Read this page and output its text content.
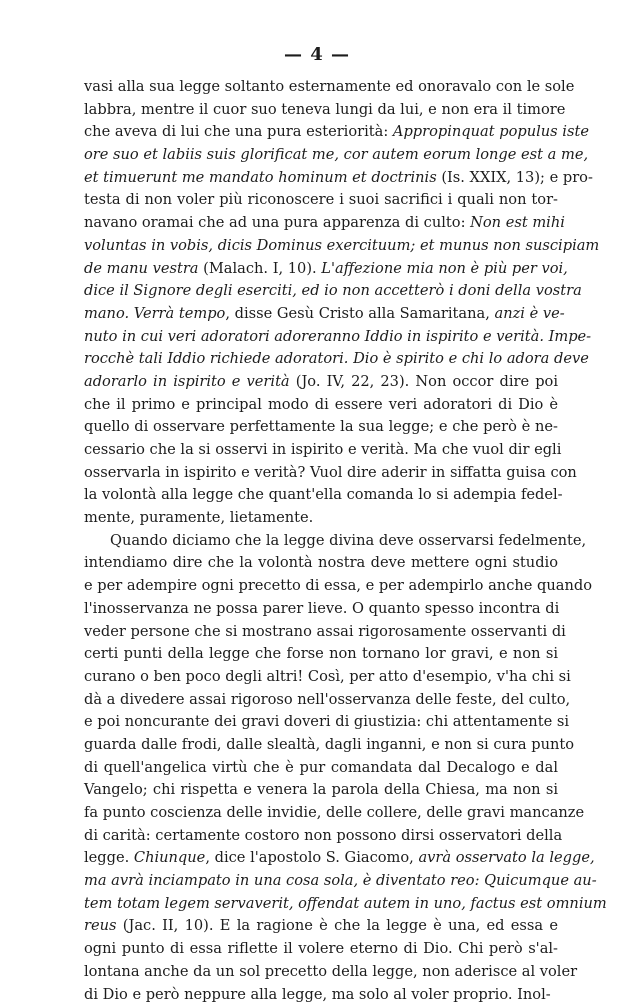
— 4 —
vasi alla sua legge soltanto esternamente ed onoravalo con le sole
labbra, mentre il cuor suo teneva lungi da lui, e non era il timore
che aveva di lui che una pura esteriorità: Appropinquat populus iste
ore suo et labiis suis glorificat me, cor autem eorum longe est a me,
et timuerunt me mandato hominum et doctrinis (Is. XXIX, 13); e pro-
testa di non voler più riconoscere i suoi sacrifici i quali non tor-
navano oramai che ad una pura apparenza di culto: Non est mihi
voluntas in vobis, dicis Dominus exercituum; et munus non suscipiam
de manu vestra (Malach. I, 10). L'affezione mia non è più per voi,
dice il Signore degli eserciti, ed io non accetterò i doni della vostra
mano. Verrà tempo, disse Gesù Cristo alla Samaritana, anzi è ve-
nuto in cui veri adoratori adoreranno Iddio in ispirito e verità. Impe-
rocchè tali Iddio richiede adoratori. Dio è spirito e chi lo adora deve
adorarlo in ispirito e verità (Jo. IV, 22, 23). Non occor dire poi
che il primo e principal modo di essere veri adoratori di Dio è
quello di osservare perfettamente la sua legge; e che però è ne-
cessario che la si osservi in ispirito e verità. Ma che vuol dir egli
osservarla in ispirito e verità? Vuol dire aderir in siffatta guisa con
la volontà alla legge che quant'ella comanda lo si adempia fedel-
mente, puramente, lietamente.
Quando diciamo che la legge divina deve osservarsi fedelmente,
intendiamo dire che la volontà nostra deve mettere ogni studio
e per adempire ogni precetto di essa, e per adempirlo anche quando
l'inosservanza ne possa parer lieve. O quanto spesso incontra di
veder persone che si mostrano assai rigorosamente osservanti di
certi punti della legge che forse non tornano lor gravi, e non si
curano o ben poco degli altri! Così, per atto d'esempio, v'ha chi si
dà a divedere assai rigoroso nell'osservanza delle feste, del culto,
e poi noncurante dei gravi doveri di giustizia: chi attentamente si
guarda dalle frodi, dalle slealtà, dagli inganni, e non si cura punto
di quell'angelica virtù che è pur comandata dal Decalogo e dal
Vangelo; chi rispetta e venera la parola della Chiesa, ma non si
fa punto coscienza delle invidie, delle collere, delle gravi mancanze
di carità: certamente costoro non possono dirsi osservatori della
legge. Chiunque, dice l'apostolo S. Giacomo, avrà osservato la legge,
ma avrà inciampato in una cosa sola, è diventato reo: Quicumque au-
tem totam legem servaverit, offendat autem in uno, factus est omnium
reus (Jac. II, 10). E la ragione è che la legge è una, ed essa e
ogni punto di essa riflette il volere eterno di Dio. Chi però s'al-
lontana anche da un sol precetto della legge, non aderisce al voler
di Dio e però neppure alla legge, ma solo al voler proprio. Inol-
